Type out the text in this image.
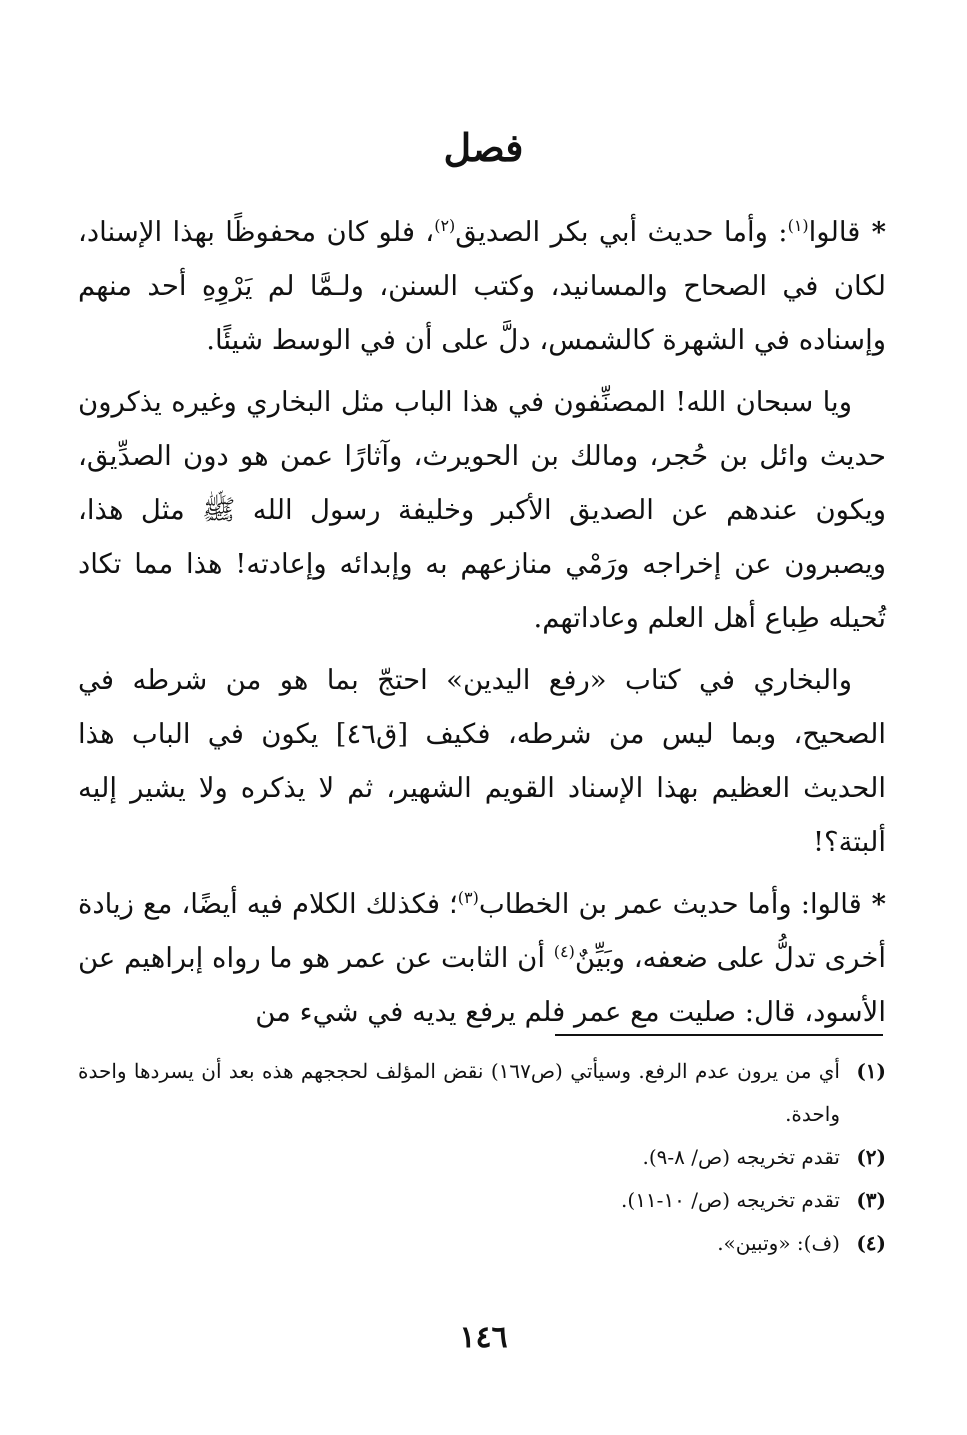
فصل

* قالوا$^{(١)}$: وأما حديث أبي بكر الصديق$^{(٢)}$، فلو كان محفوظًا بهذا الإسناد، لكان في الصحاح والمسانيد، وكتب السنن، ولـمَّا لم يَرْوِهِ أحد منهم وإسناده في الشهرة كالشمس، دلَّ على أن في الوسط شيئًا.

ويا سبحان الله! المصنِّفون في هذا الباب مثل البخاري وغيره يذكرون حديث وائل بن حُجر، ومالك بن الحويرث، وآثارًا عمن هو دون الصدِّيق، ويكون عندهم عن الصديق الأكبر وخليفة رسول الله ﷺ مثل هذا، ويصبرون عن إخراجه ورَمْي منازعهم به وإبدائه وإعادته! هذا مما تكاد تُحيله طِباع أهل العلم وعاداتهم.

والبخاري في كتاب «رفع اليدين» احتجّ بما هو من شرطه في الصحيح، وبما ليس من شرطه، فكيف [ق٤٦] يكون في الباب هذا الحديث العظيم بهذا الإسناد القويم الشهير، ثم لا يذكره ولا يشير إليه ألبتة؟!

* قالوا: وأما حديث عمر بن الخطاب$^{(٣)}$؛ فكذلك الكلام فيه أيضًا، مع زيادة أخرى تدلُّ على ضعفه، وبَيِّنٌ$^{(٤)}$ أن الثابت عن عمر هو ما رواه إبراهيم عن الأسود، قال: صليت مع عمر فلم يرفع يديه في شيء من

(١)
أي من يرون عدم الرفع. وسيأتي (ص١٦٧) نقض المؤلف لحججهم هذه بعد أن يسردها واحدة واحدة.
(٢)
تقدم تخريجه (ص/ ٨-٩).
(٣)
تقدم تخريجه (ص/ ١٠-١١).
(٤)
(ف): «وتبين».
١٤٦
